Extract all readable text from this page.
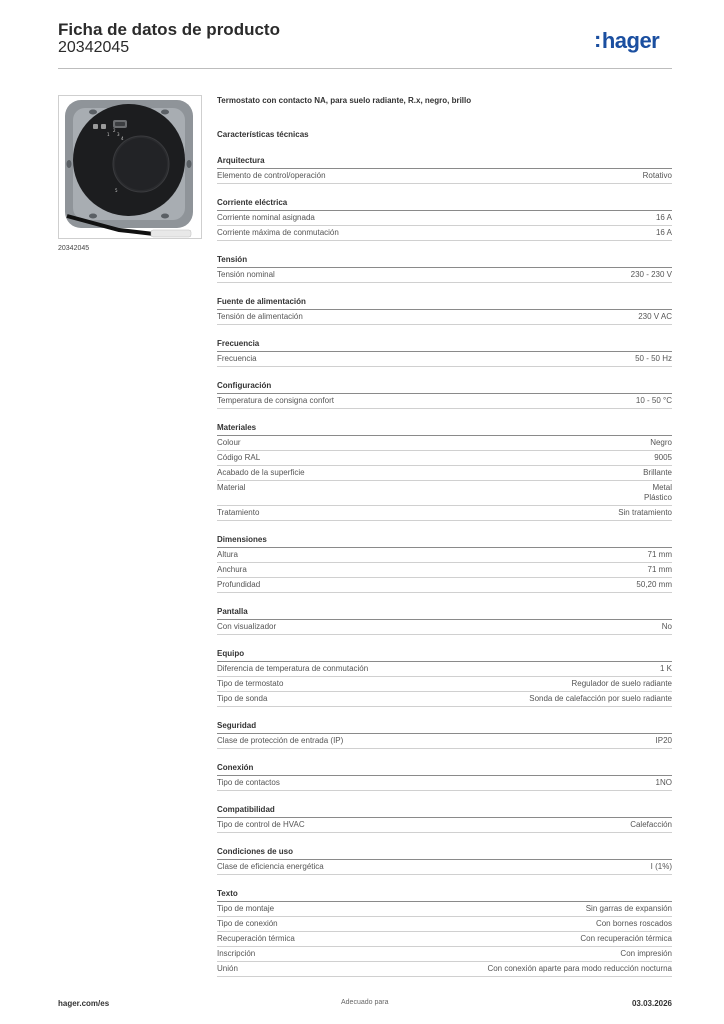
Ficha de datos de producto
20342045	:hager
1
2
3
4
5
20342045
Termostato con contacto NA, para suelo radiante, R.x, negro, brillo
Características técnicas
Arquitectura
Elemento de control/operación	Rotativo
Corriente eléctrica
Corriente nominal asignada	16 A
Corriente máxima de conmutación	16 A
Tensión
Tensión nominal	230 - 230 V
Fuente de alimentación
Tensión de alimentación	230 V AC
Frecuencia
Frecuencia	50 - 50 Hz
Configuración
Temperatura de consigna confort	10 - 50 °C
Materiales
Colour	Negro
Código RAL	9005
Acabado de la superficie	Brillante
Material	Metal
Plástico
Tratamiento	Sin tratamiento
Dimensiones
Altura	71 mm
Anchura	71 mm
Profundidad	50,20 mm
Pantalla
Con visualizador	No
Equipo
Diferencia de temperatura de conmutación	1 K
Tipo de termostato	Regulador de suelo radiante
Tipo de sonda	Sonda de calefacción por suelo radiante
Seguridad
Clase de protección de entrada (IP)	IP20
Conexión
Tipo de contactos	1NO
Compatibilidad
Tipo de control de HVAC	Calefacción
Condiciones de uso
Clase de eficiencia energética	I (1%)
Texto
Tipo de montaje	Sin garras de expansión
Tipo de conexión	Con bornes roscados
Recuperación térmica	Con recuperación térmica
Inscripción	Con impresión
Unión	Con conexión aparte para modo reducción nocturna
hager.com/es	Adecuado para	03.03.2026
